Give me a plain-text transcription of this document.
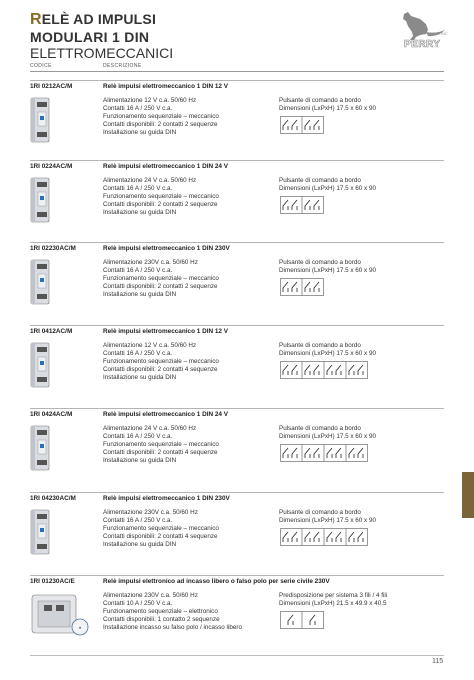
RELÈ AD IMPULSI
MODULARI 1 DIN
ELETTROMECCANICI
ELECTRIC
PERRY
CODICE	DESCRIZIONE
1RI 0212AC/M	Relè impulsi elettromeccanico 1 DIN 12 V
Alimentazione 12 V c.a. 50/60 Hz
Contatti 16 A / 250 V c.a.
Funzionamento sequenziale – meccanico
Contatti disponibili: 2 contatti 2 sequenze
Installazione su guida DIN
Pulsante di comando a bordo
Dimensioni (LxPxH) 17.5 x 60 x 90
1RI 0224AC/M	Relè impulsi elettromeccanico 1 DIN 24 V
Alimentazione 24 V c.a. 50/60 Hz
Contatti 16 A / 250 V c.a.
Funzionamento sequenziale – meccanico
Contatti disponibili: 2 contatti 2 sequenze
Installazione su guida DIN
Pulsante di comando a bordo
Dimensioni (LxPxH) 17.5 x 60 x 90
1RI 02230AC/M	Relè impulsi elettromeccanico 1 DIN 230V
Alimentazione 230V c.a. 50/60 Hz
Contatti 16 A / 250 V c.a.
Funzionamento sequenziale – meccanico
Contatti disponibili: 2 contatti 2 sequenze
Installazione su guida DIN
Pulsante di comando a bordo
Dimensioni (LxPxH) 17.5 x 60 x 90
1RI 0412AC/M	Relè impulsi elettromeccanico 1 DIN 12 V
Alimentazione 12 V c.a. 50/60 Hz
Contatti 16 A / 250 V c.a.
Funzionamento sequenziale – meccanico
Contatti disponibili: 2 contatti 4 sequenze
Installazione su guida DIN
Pulsante di comando a bordo
Dimensioni (LxPxH) 17.5 x 60 x 90
1RI 0424AC/M	Relè impulsi elettromeccanico 1 DIN 24 V
Alimentazione 24 V c.a. 50/60 Hz
Contatti 16 A / 250 V c.a.
Funzionamento sequenziale – meccanico
Contatti disponibili: 2 contatti 4 sequenze
Installazione su guida DIN
Pulsante di comando a bordo
Dimensioni (LxPxH) 17.5 x 60 x 90
1RI 04230AC/M	Relè impulsi elettromeccanico 1 DIN 230V
Alimentazione 230V c.a. 50/60 Hz
Contatti 16 A / 250 V c.a.
Funzionamento sequenziale – meccanico
Contatti disponibili: 2 contatti 4 sequenze
Installazione su guida DIN
Pulsante di comando a bordo
Dimensioni (LxPxH) 17.5 x 60 x 90
1RI 01230AC/E	Relè impulsi elettronico ad incasso libero o falso polo per serie civile 230V
★
Alimentazione 230V c.a. 50/60 Hz
Contatti 10 A / 250 V c.a.
Funzionamento sequenziale – elettronico
Contatti disponibili: 1 contatto 2 sequenze
Installazione incasso su falso polo / incasso libero
Predisposizione per sistema 3 fili / 4 fili
Dimensioni (LxPxH) 21.5 x 49.9 x 40.5
115
